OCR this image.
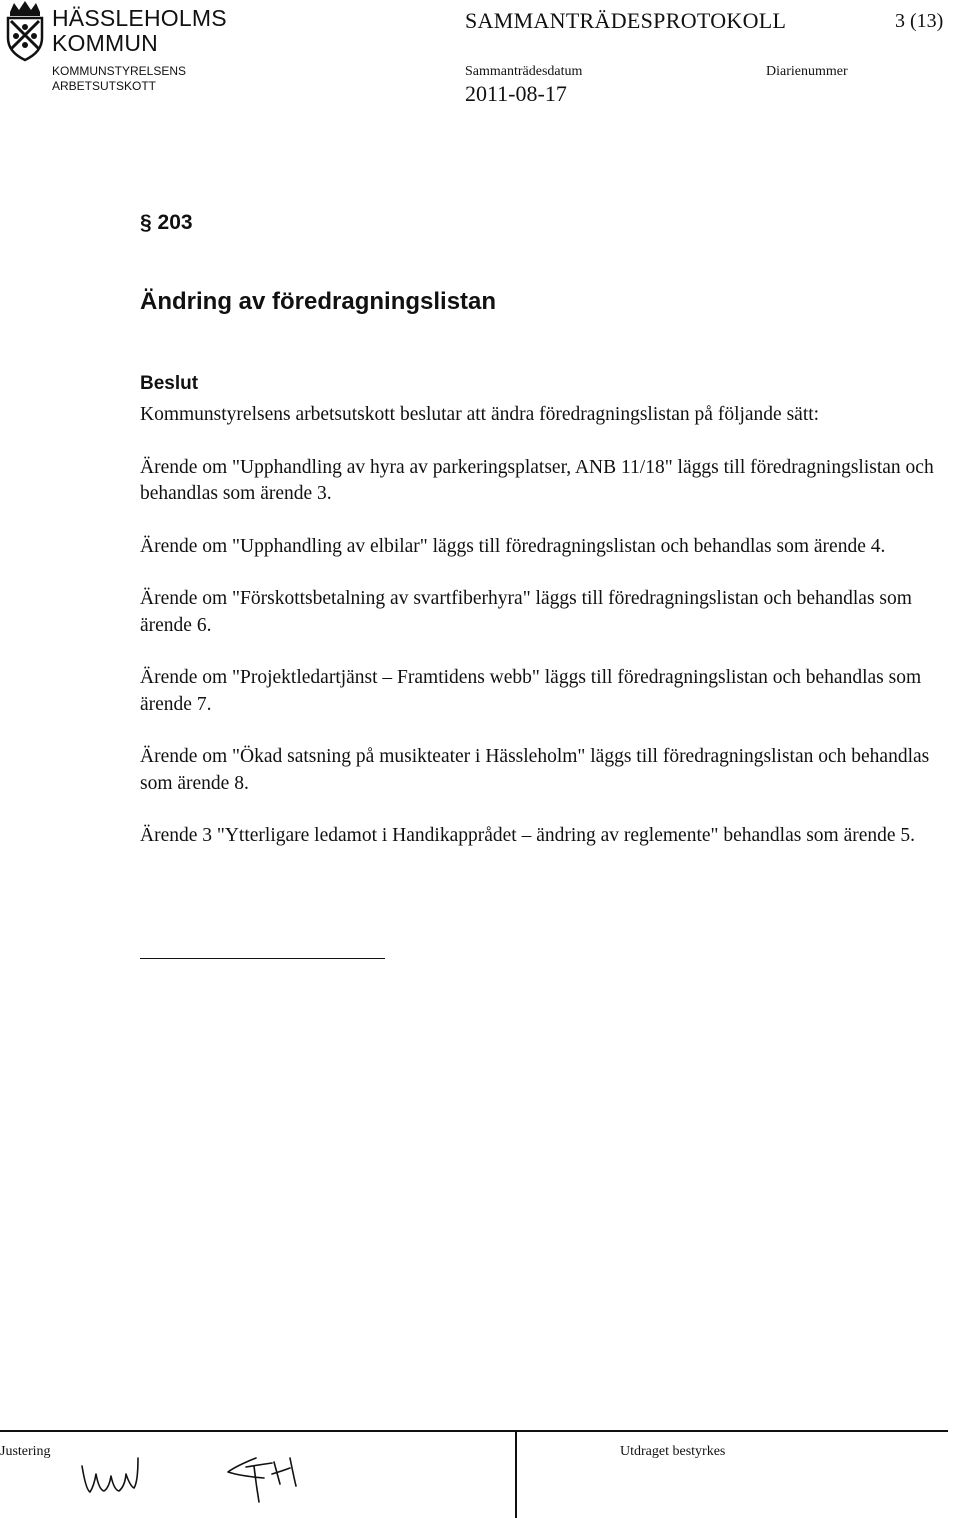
HÄSSLEHOLMS
KOMMUN
KOMMUNSTYRELSENS
ARBETSUTSKOTT
SAMMANTRÄDESPROTOKOLL	3 (13)
Sammanträdesdatum	Diarienummer
2011-08-17
§ 203
Ändring av föredragningslistan
Beslut

Kommunstyrelsens arbetsutskott beslutar att ändra föredragningslistan på följande sätt:

Ärende om "Upphandling av hyra av parkeringsplatser, ANB 11/18" läggs till föredragningslistan och behandlas som ärende 3.

Ärende om "Upphandling av elbilar" läggs till föredragningslistan och behandlas som ärende 4.

Ärende om "Förskottsbetalning av svartfiberhyra" läggs till föredragningslistan och behandlas som ärende 6.

Ärende om "Projektledartjänst – Framtidens webb" läggs till föredragningslistan och behandlas som ärende 7.

Ärende om "Ökad satsning på musikteater i Hässleholm" läggs till föredragningslistan och behandlas som ärende 8.

Ärende 3 "Ytterligare ledamot i Handikapprådet – ändring av reglemente" behandlas som ärende 5.

Justering	Utdraget bestyrkes
